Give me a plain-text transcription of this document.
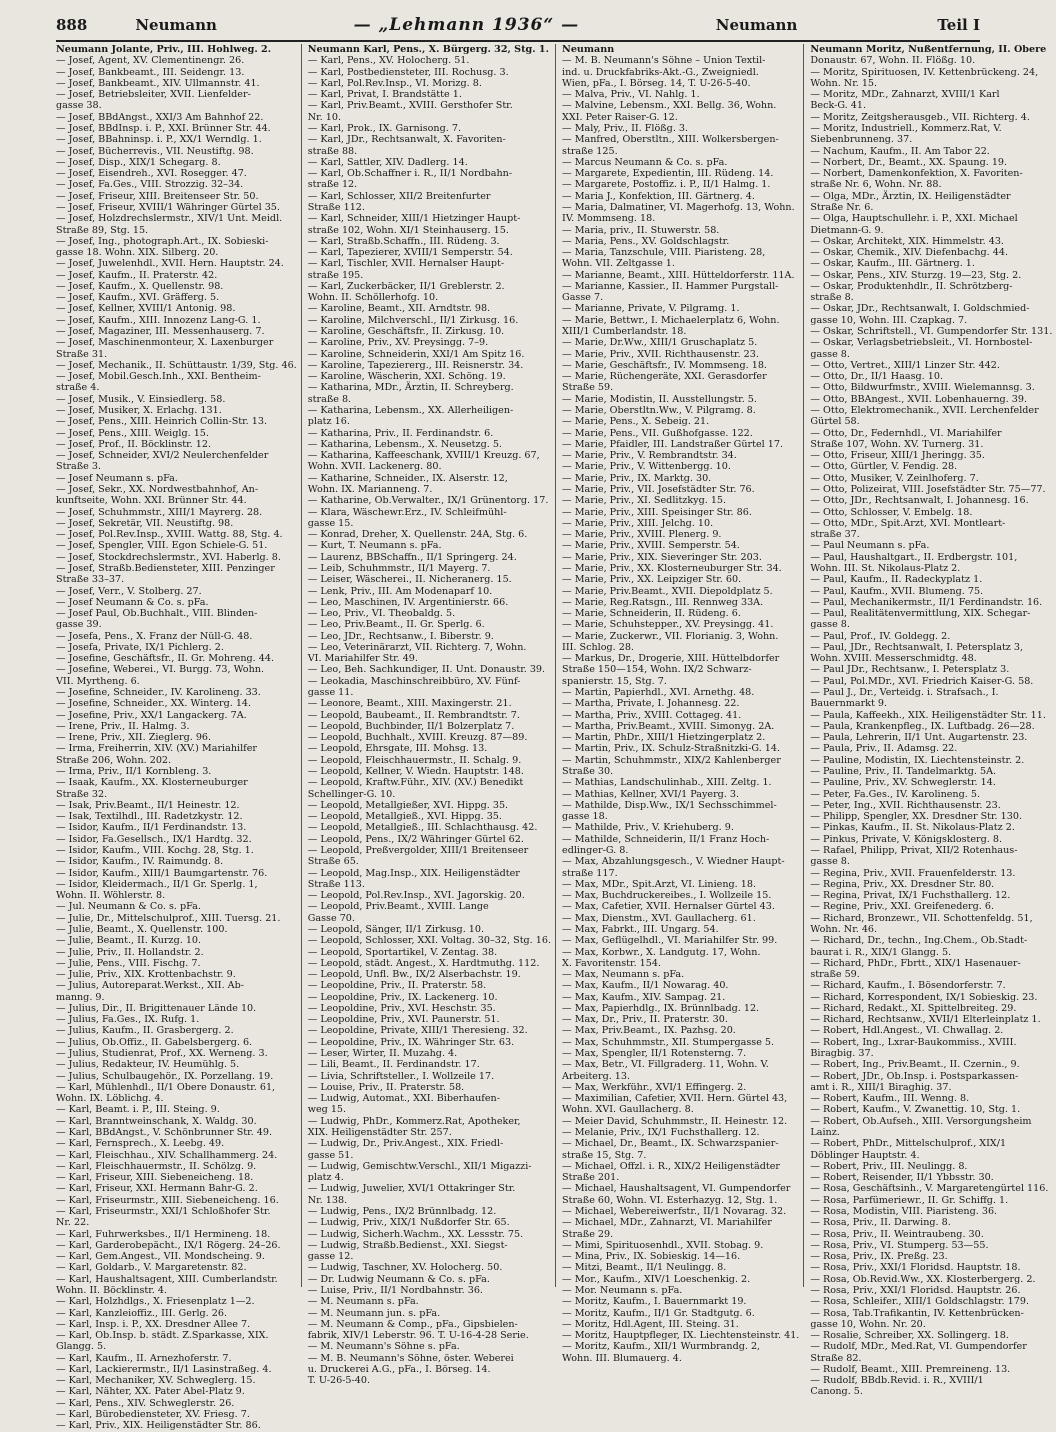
888	Neumann	— „Lehmann 1936“ —	Neumann	Teil I
Neumann Jolante, Priv., III. Hohlweg. 2.
— Josef, Agent, XV. Clementinengr. 26.
— Josef, Bankbeamt., III. Seidengr. 13.
— Josef, Bankbeamt., XIV. Ullmannstr. 41.
— Josef, Betriebsleiter, XVII. Lienfelder-
gasse 38.
— Josef, BBdAngst., XXI/3 Am Bahnhof 22.
— Josef, BBdInsp. i. P., XXI. Brünner Str. 44.
— Josef, BBahninsp. i. P., XX/1 Werndlg. 1.
— Josef, Bücherrevis., VII. Neustiftg. 98.
— Josef, Disp., XIX/1 Schegarg. 8.
— Josef, Eisendreh., XVI. Rosegger. 47.
— Josef, Fa.Ges., VIII. Strozzig. 32–34.
— Josef, Friseur, XIII. Breitenseer Str. 50.
— Josef, Friseur, XVIII/1 Währinger Gürtel 35.
— Josef, Holzdrechslermstr., XIV/1 Unt. Meidl.
Straße 89, Stg. 15.
— Josef, Ing., photograph.Art., IX. Sobieski-
gasse 18. Wohn. XIX. Silberg. 20.
— Josef, Juwelenhdl., XVII. Hern. Hauptstr. 24.
— Josef, Kaufm., II. Praterstr. 42.
— Josef, Kaufm., X. Quellenstr. 98.
— Josef, Kaufm., XVI. Gräfferg. 5.
— Josef, Kellner, XVIII/1 Antonig. 98.
— Josef, Kaufm., XIII. Innozenz Lang-G. 1.
— Josef, Magaziner, III. Messenhauserg. 7.
— Josef, Maschinenmonteur, X. Laxenburger
Straße 31.
— Josef, Mechanik., II. Schüttaustr. 1/39, Stg. 46.
— Josef, Mobil.Gesch.Inh., XXI. Bentheim-
straße 4.
— Josef, Musik., V. Einsiedlerg. 58.
— Josef, Musiker, X. Erlachg. 131.
— Josef, Pens., XIII. Heinrich Collin-Str. 13.
— Josef, Pens., XIII. Weiglg. 15.
— Josef, Prof., II. Böcklinstr. 12.
— Josef, Schneider, XVI/2 Neulerchenfelder
Straße 3.
— Josef Neumann s. pFa.
— Josef, Sekr., XX. Nordwestbahnhof, An-
kunftseite, Wohn. XXI. Brünner Str. 44.
— Josef, Schuhmmstr., XIII/1 Mayrerg. 28.
— Josef, Sekretär, VII. Neustiftg. 98.
— Josef, Pol.Rev.Insp., XVIII. Wattg. 88, Stg. 4.
— Josef, Spengler, VIII. Egon Schiele-G. 51.
— Josef, Stockdrechslermstr., XVI. Haberlg. 8.
— Josef, Straßb.Bediensteter, XIII. Penzinger
Straße 33–37.
— Josef, Verr., V. Stolberg. 27.
— Josef Neumann & Co. s. pFa.
— Josef Paul, Ob.Buchhalt., VIII. Blinden-
gasse 39.
— Josefa, Pens., X. Franz der Nüll-G. 48.
— Josefa, Private, IX/1 Pichlerg. 2.
— Josefine, Geschäftsfr., II. Gr. Mohreng. 44.
— Josefine, Weberei., VI. Burgg. 73, Wohn.
VII. Myrtheng. 6.
— Josefine, Schneider., IV. Karolineng. 33.
— Josefine, Schneider., XX. Winterg. 14.
— Josefine, Priv., XX/1 Langackerg. 7A.
— Irene, Priv., II. Halmg. 3.
— Irene, Priv., XII. Zieglerg. 96.
— Irma, Freiherrin, XIV. (XV.) Mariahilfer
Straße 206, Wohn. 202.
— Irma, Priv., II/1 Kornbleng. 3.
— Isaak, Kaufm., XX. Klosterneuburger
Straße 32.
— Isak, Priv.Beamt., II/1 Heinestr. 12.
— Isak, Textilhdl., III. Radetzkystr. 12.
— Isidor, Kaufm., II/1 Ferdinandstr. 13.
— Isidor, Fa.Gesellsch., IX/1 Hardtg. 32.
— Isidor, Kaufm., VIII. Kochg. 28, Stg. 1.
— Isidor, Kaufm., IV. Raimundg. 8.
— Isidor, Kaufm., XIII/1 Baumgartenstr. 76.
— Isidor, Kleidermach., II/1 Gr. Sperlg. 1,
Wohn. II. Wöhlerstr. 8.
— Jul. Neumann & Co. s. pFa.
— Julie, Dr., Mittelschulprof., XIII. Tuersg. 21.
— Julie, Beamt., X. Quellenstr. 100.
— Julie, Beamt., II. Kurzg. 10.
— Julie, Priv., II. Hollandstr. 2.
— Julie, Pens., VIII. Fischg. 7.
— Julie, Priv., XIX. Krottenbachstr. 9.
— Julius, Autoreparat.Werkst., XII. Ab-
manng. 9.
— Julius, Dir., II. Brigittenauer Lände 10.
— Julius, Fa.Ges., IX. Rufg. 1.
— Julius, Kaufm., II. Grasbergerg. 2.
— Julius, Ob.Offiz., II. Gabelsbergerg. 6.
— Julius, Studienrat, Prof., XX. Werneng. 3.
— Julius, Redakteur, IV. Heumühlg. 5.
— Julius, Schulbaugehör., IX. Porzellang. 19.
— Karl, Mühlenhdl., II/1 Obere Donaustr. 61,
Wohn. IX. Löblichg. 4.
— Karl, Beamt. i. P., III. Steing. 9.
— Karl, Branntweinschank, X. Waldg. 30.
— Karl, BBdAngst., V. Schönbrunner Str. 49.
— Karl, Fernsprech., X. Leebg. 49.
— Karl, Fleischhau., XIV. Schallhammerg. 24.
— Karl, Fleischhauermstr., II. Schölzg. 9.
— Karl, Friseur, XIII. Siebeneicheng. 18.
— Karl, Friseur, XXI. Hermann Bahr-G. 2.
— Karl, Friseurmstr., XIII. Siebeneicheng. 16.
— Karl, Friseurmstr., XXI/1 Schloßhofer Str.
Nr. 22.
— Karl, Fuhrwerksbes., II/1 Hermineng. 18.
— Karl, Garderobepächt., IX/1 Rögerg. 24–26.
— Karl, Gem.Angest., VII. Mondscheing. 9.
— Karl, Goldarb., V. Margaretenstr. 82.
— Karl, Haushaltsagent, XIII. Cumberlandstr.
Wohn. II. Böcklinstr. 4.
— Karl, Holzhdlgs., X. Friesenplatz 1—2.
— Karl, Kanzleioffiz., III. Gerlg. 26.
— Karl, Insp. i. P., XX. Dresdner Allee 7.
— Karl, Ob.Insp. b. städt. Z.Sparkasse, XIX.
Glangg. 5.
— Karl, Kaufm., II. Arnezhoferstr. 7.
— Karl, Lackierermstr., II/1 Lasinstraßeg. 4.
— Karl, Mechaniker, XV. Schweglerg. 15.
— Karl, Nähter, XX. Pater Abel-Platz 9.
— Karl, Pens., XIV. Schweglerstr. 26.
— Karl, Bürobediensteter, XV. Friesg. 7.
— Karl, Priv., XIX. Heiligenstädter Str. 86.
Neumann Karl, Pens., X. Bürgerg. 32, Stg. 1.
— Karl, Pens., XV. Holocherg. 51.
— Karl, Postbediensteter, III. Rochusg. 3.
— Karl, Pol.Rev.Insp., VI. Morizg. 8.
— Karl, Privat, I. Brandstätte 1.
— Karl, Priv.Beamt., XVIII. Gersthofer Str.
Nr. 10.
— Karl, Prok., IX. Garnisong. 7.
— Karl, JDr., Rechtsanwalt, X. Favoriten-
straße 88.
— Karl, Sattler, XIV. Dadlerg. 14.
— Karl, Ob.Schaffner i. R., II/1 Nordbahn-
straße 12.
— Karl, Schlosser, XII/2 Breitenfurter
Straße 112.
— Karl, Schneider, XIII/1 Hietzinger Haupt-
straße 102, Wohn. XI/1 Steinhauserg. 15.
— Karl, Straßb.Schaffn., III. Rüdeng. 3.
— Karl, Tapezierer, XVIII/1 Semperstr. 54.
— Karl, Tischler, XVII. Hernalser Haupt-
straße 195.
— Karl, Zuckerbäcker, II/1 Greblerstr. 2.
Wohn. II. Schöllerhofg. 10.
— Karoline, Beamt., XII. Arndtstr. 98.
— Karoline, Milchverschl., II/1 Zirkusg. 16.
— Karoline, Geschäftsfr., II. Zirkusg. 10.
— Karoline, Priv., XV. Preysingg. 7–9.
— Karoline, Schneiderin, XXI/1 Am Spitz 16.
— Karoline, Tapeziererg., III. Reisnerstr. 34.
— Karoline, Wäscherin, XXI. Schöng. 19.
— Katharina, MDr., Ärztin, II. Schreyberg.
straße 8.
— Katharina, Lebensm., XX. Allerheiligen-
platz 16.
— Katharina, Priv., II. Ferdinandstr. 6.
— Katharina, Lebensm., X. Neusetzg. 5.
— Katharina, Kaffeeschank, XVIII/1 Kreuzg. 67,
Wohn. XVII. Lackenerg. 80.
— Katharine, Schneider., IX. Alserstr. 12,
Wohn. IX. Marianneng. 7.
— Katharine, Ob.Verwalter., IX/1 Grünentorg. 17.
— Klara, Wäschewr.Erz., IV. Schleifmühl-
gasse 15.
— Konrad, Dreher, X. Quellenstr. 24A, Stg. 6.
— Kurt, T. Neumann s. pFa.
— Laurenz, BBSchaffn., II/1 Springerg. 24.
— Leib, Schuhmmstr., II/1 Mayerg. 7.
— Leiser, Wäscherei., II. Nicheranerg. 15.
— Lenk, Priv., III. Am Modenaparf 10.
— Leo, Maschinen, IV. Argentinierstr. 66.
— Leo, Priv., VI. Theobaldg. 5.
— Leo, Priv.Beamt., II. Gr. Sperlg. 6.
— Leo, JDr., Rechtsanw., I. Biberstr. 9.
— Leo, Veterinärarzt, VII. Richterg. 7, Wohn.
VI. Mariahilfer Str. 49.
— Leo, Beh. Sachkundiger, II. Unt. Donaustr. 39.
— Leokadia, Maschinschreibbüro, XV. Fünf-
gasse 11.
— Leonore, Beamt., XIII. Maxingerstr. 21.
— Leopold, Baubeamt., II. Rembrandtstr. 7.
— Leopold, Buchbinder, II/1 Bolzerplatz 7.
— Leopold, Buchhalt., XVIII. Kreuzg. 87—89.
— Leopold, Ehrsgate, III. Mohsg. 13.
— Leopold, Fleischhauermstr., II. Schalg. 9.
— Leopold, Kellner, V. Wiedn. Hauptstr. 148.
— Leopold, Kraftw.Führ., XIV. (XV.) Benedikt
Schellinger-G. 10.
— Leopold, Metallgießer, XVI. Hippg. 35.
— Leopold, Metallgieß., XVI. Hippg. 35.
— Leopold, Metallgieß., III. Schlachthausg. 42.
— Leopold, Pens., IX/2 Währinger Gürtel 62.
— Leopold, Preßvergolder, XIII/1 Breitenseer
Straße 65.
— Leopold, Mag.Insp., XIX. Heiligenstädter
Straße 113.
— Leopold, Pol.Rev.Insp., XVI. Jagorskig. 20.
— Leopold, Priv.Beamt., XVIII. Lange
Gasse 70.
— Leopold, Sänger, II/1 Zirkusg. 10.
— Leopold, Schlosser, XXI. Voltag. 30–32, Stg. 16.
— Leopold, Sportartikel, V. Zentag. 38.
— Leopold, städt. Angest., X. Hardtmuthg. 112.
— Leopold, Unfl. Bw., IX/2 Alserbachstr. 19.
— Leopoldine, Priv., II. Praterstr. 58.
— Leopoldine, Priv., IX. Lackenerg. 10.
— Leopoldine, Priv., XVI. Heschstr. 35.
— Leopoldine, Priv., XVI. Paunerstr. 51.
— Leopoldine, Private, XIII/1 Theresieng. 32.
— Leopoldine, Priv., IX. Währinger Str. 63.
— Leser, Wirter, II. Muzahg. 4.
— Lili, Beamt., II. Ferdinandstr. 17.
— Livia, Schriftsteller., I. Wollzeile 17.
— Louise, Priv., II. Praterstr. 58.
— Ludwig, Automat., XXI. Biberhaufen-
weg 15.
— Ludwig, PhDr., Kommerz.Rat, Apotheker,
XIX. Heiligenstädter Str. 257.
— Ludwig, Dr., Priv.Angest., XIX. Friedl-
gasse 51.
— Ludwig, Gemischtw.Verschl., XII/1 Migazzi-
platz 4.
— Ludwig, Juwelier, XVI/1 Ottakringer Str.
Nr. 138.
— Ludwig, Pens., IX/2 Brünnlbadg. 12.
— Ludwig, Priv., XIX/1 Nußdorfer Str. 65.
— Ludwig, Sicherh.Wachm., XX. Lessstr. 75.
— Ludwig, Straßb.Bedienst., XXI. Siegst-
gasse 12.
— Ludwig, Taschner, XV. Holocherg. 50.
— Dr. Ludwig Neumann & Co. s. pFa.
— Luise, Priv., II/1 Nordbahnstr. 36.
— M. Neumann s. pFa.
— M. Neumann jun. s. pFa.
— M. Neumann & Comp., pFa., Gipsbielen-
fabrik, XIV/1 Leberstr. 96. T. U-16-4-28 Serie.
— M. Neumann's Söhne s. pFa.
— M. B. Neumann's Söhne, öster. Weberei
u. Druckerei A.G., pFa., I. Börseg. 14.
T. U-26-5-40.
Neumann
— M. B. Neumann's Söhne – Union Textil-
ind. u. Druckfabriks-Akt.-G., Zweigniedl.
Wien, pFa., I. Börseg. 14, T. U-26-5-40.
— Malva, Priv., VI. Nahlg. 1.
— Malvine, Lebensm., XXI. Bellg. 36, Wohn.
XXI. Peter Raiser-G. 12.
— Maly, Priv., II. Flößg. 3.
— Manfred, Oberstltn., XIII. Wolkersbergen-
straße 125.
— Marcus Neumann & Co. s. pFa.
— Margarete, Expedientin, III. Rüdeng. 14.
— Margarete, Postoffiz. i. P., II/1 Halmg. 1.
— Maria J., Konfektion, III. Gärtnerg. 4.
— Maria, Dalmatiner, VI. Magerhofg. 13, Wohn.
IV. Mommseng. 18.
— Maria, priv., II. Stuwerstr. 58.
— Maria, Pens., XV. Goldschlagstr.
— Maria, Tanzschule, VIII. Piaristeng. 28,
Wohn. VII. Zeltgasse 1.
— Marianne, Beamt., XIII. Hütteldorferstr. 11A.
— Marianne, Kassier., II. Hammer Purgstall-
Gasse 7.
— Marianne, Private, V. Pilgramg. 1.
— Marie, Bettwr., I. Michaelerplatz 6, Wohn.
XIII/1 Cumberlandstr. 18.
— Marie, Dr.Ww., XIII/1 Gruschaplatz 5.
— Marie, Priv., XVII. Richthausenstr. 23.
— Marie, Geschäftsfr., IV. Mommseng. 18.
— Marie, Rüchengeräte, XXI. Gerasdorfer
Straße 59.
— Marie, Modistin, II. Ausstellungstr. 5.
— Marie, Oberstltn.Ww., V. Pilgramg. 8.
— Marie, Pens., X. Sebeig. 21.
— Marie, Pens., VII. Gußhofgasse. 122.
— Marie, Pfaidler, III. Landstraßer Gürtel 17.
— Marie, Priv., V. Rembrandtstr. 34.
— Marie, Priv., V. Wittenbergg. 10.
— Marie, Priv., IX. Marktg. 30.
— Marie, Priv., VII. Josefstädter Str. 76.
— Marie, Priv., XI. Sedlitzkyg. 15.
— Marie, Priv., XIII. Speisinger Str. 86.
— Marie, Priv., XIII. Jelchg. 10.
— Marie, Priv., XVIII. Plenerg. 9.
— Marie, Priv., XVIII. Semperstr. 54.
— Marie, Priv., XIX. Sieveringer Str. 203.
— Marie, Priv., XX. Klosterneuburger Str. 34.
— Marie, Priv., XX. Leipziger Str. 60.
— Marie, Priv.Beamt., XVII. Diepoldplatz 5.
— Marie, Reg.Ratsgn., III. Rennweg 33A.
— Marie, Schneiderin, II. Rüdeng. 6.
— Marie, Schuhstepper., XV. Preysingg. 41.
— Marie, Zuckerwr., VII. Florianig. 3, Wohn.
III. Schlog. 28.
— Markus, Dr., Drogerie, XIII. Hüttelbdorfer
Straße 150—154, Wohn. IX/2 Schwarz-
spanierstr. 15, Stg. 7.
— Martin, Papierhdl., XVI. Arnethg. 48.
— Martha, Private, I. Johannesg. 22.
— Martha, Priv., XVIII. Cottageg. 41.
— Martha, Priv.Beamt., XVIII. Simonyg. 2A.
— Martin, PhDr., XIII/1 Hietzingerplatz 2.
— Martin, Priv., IX. Schulz-Straßnitzki-G. 14.
— Martin, Schuhmmstr., XIX/2 Kahlenberger
Straße 30.
— Mathias, Landschulinhab., XIII. Zeltg. 1.
— Mathias, Kellner, XVI/1 Payerg. 3.
— Mathilde, Disp.Ww., IX/1 Sechsschimmel-
gasse 18.
— Mathilde, Priv., V. Kriehuberg. 9.
— Mathilde, Schneiderin, II/1 Franz Hoch-
edlinger-G. 8.
— Max, Abzahlungsgesch., V. Wiedner Haupt-
straße 117.
— Max, MDr., Spit.Arzt, VI. Linieng. 18.
— Max, Buchdruckereibes., I. Wollzeile 15.
— Max, Cafetier, XVII. Hernalser Gürtel 43.
— Max, Dienstm., XVI. Gaullacherg. 61.
— Max, Fabrkt., III. Ungarg. 54.
— Max, Geflügelhdl., VI. Mariahilfer Str. 99.
— Max, Korbwr., X. Landgutg. 17, Wohn.
X. Favoritenstr. 154.
— Max, Neumann s. pFa.
— Max, Kaufm., II/1 Nowarag. 40.
— Max, Kaufm., XIV. Sampag. 21.
— Max, Papierhdlg., IX. Brünnlbadg. 12.
— Max, Dr., Priv., II. Praterstr. 30.
— Max, Priv.Beamt., IX. Pazhsg. 20.
— Max, Schuhmmstr., XII. Stumpergasse 5.
— Max, Spengler, II/1 Rotensterng. 7.
— Max, Betr., VI. Fillgraderg. 11, Wohn. V.
Arbeiterg. 13.
— Max, Werkführ., XVI/1 Effingerg. 2.
— Maximilian, Cafetier, XVII. Hern. Gürtel 43,
Wohn. XVI. Gaullacherg. 8.
— Meier David, Schuhmmstr., II. Heinestr. 12.
— Melanie, Priv., IX/1 Fuchsthallerg. 12.
— Michael, Dr., Beamt., IX. Schwarzspanier-
straße 15, Stg. 7.
— Michael, Offzl. i. R., XIX/2 Heiligenstädter
Straße 201.
— Michael, Haushaltsagent, VI. Gumpendorfer
Straße 60, Wohn. VI. Esterhazyg. 12, Stg. 1.
— Michael, Webereiwerfstr., II/1 Novarag. 32.
— Michael, MDr., Zahnarzt, VI. Mariahilfer
Straße 29.
— Mimi, Spirituosenhdl., XVII. Stobag. 9.
— Mina, Priv., IX. Sobieskig. 14—16.
— Mitzi, Beamt., II/1 Neulingg. 8.
— Mor., Kaufm., XIV/1 Loeschenkig. 2.
— Mor. Neumann s. pFa.
— Moritz, Kaufm., I. Bauernmarkt 19.
— Moritz, Kaufm., II/1 Gr. Stadtgutg. 6.
— Moritz, Hdl.Agent, III. Steing. 31.
— Moritz, Hauptpfleger, IX. Liechtensteinstr. 41.
— Moritz, Kaufm., XII/1 Wurmbrandg. 2,
Wohn. III. Blumauerg. 4.
Neumann Moritz, Nußentfernung, II. Obere
Donaustr. 67, Wohn. II. Flößg. 10.
— Moritz, Spirituosen, IV. Kettenbrückeng. 24,
Wohn. Nr. 15.
— Moritz, MDr., Zahnarzt, XVIII/1 Karl
Beck-G. 41.
— Moritz, Zeitgsherausgeb., VII. Richterg. 4.
— Moritz, Industriell., Kommerz.Rat, V.
Siebenbrunneng. 37.
— Nachum, Kaufm., II. Am Tabor 22.
— Norbert, Dr., Beamt., XX. Spaung. 19.
— Norbert, Damenkonfektion, X. Favoriten-
straße Nr. 6, Wohn. Nr. 88.
— Olga, MDr., Ärztin, IX. Heiligenstädter
Straße Nr. 6.
— Olga, Hauptschullehr. i. P., XXI. Michael
Dietmann-G. 9.
— Oskar, Architekt, XIX. Himmelstr. 43.
— Oskar, Chemik., XIV. Diefenbachg. 44.
— Oskar, Kaufm., III. Gärtnerg. 1.
— Oskar, Pens., XIV. Sturzg. 19—23, Stg. 2.
— Oskar, Produktenhdlr., II. Schrötzberg-
straße 8.
— Oskar, JDr., Rechtsanwalt, I. Goldschmied-
gasse 10, Wohn. III. Czapkag. 7.
— Oskar, Schriftstell., VI. Gumpendorfer Str. 131.
— Oskar, Verlagsbetriebsleit., VI. Hornbostel-
gasse 8.
— Otto, Vertret., XIII/1 Linzer Str. 442.
— Otto, Dr., II/1 Haasg. 10.
— Otto, Bildwurfmstr., XVIII. Wielemannsg. 3.
— Otto, BBAngest., XVII. Lobenhauerng. 39.
— Otto, Elektromechanik., XVII. Lerchenfelder
Gürtel 58.
— Otto, Dr., Federnhdl., VI. Mariahilfer
Straße 107, Wohn. XV. Turnerg. 31.
— Otto, Friseur, XIII/1 Jheringg. 35.
— Otto, Gürtler, V. Fendig. 28.
— Otto, Musiker, V. Zeinlhoferg. 7.
— Otto, Polizeirat, VIII. Josefstädter Str. 75—77.
— Otto, JDr., Rechtsanwalt, I. Johannesg. 16.
— Otto, Schlosser, V. Embelg. 18.
— Otto, MDr., Spit.Arzt, XVI. Montleart-
straße 37.
— Paul Neumann s. pFa.
— Paul, Haushaltgart., II. Erdbergstr. 101,
Wohn. III. St. Nikolaus-Platz 2.
— Paul, Kaufm., II. Radeckyplatz 1.
— Paul, Kaufm., XVII. Blumeng. 75.
— Paul, Mechanikermstr., II/1 Ferdinandstr. 16.
— Paul, Realitätenvermittlung, XIX. Schegar-
gasse 8.
— Paul, Prof., IV. Goldegg. 2.
— Paul, JDr., Rechtsanwalt, I. Petersplatz 3,
Wohn. XVIII. Messerschmidtg. 48.
— Paul JDr., Rechtsanw., I. Petersplatz 3.
— Paul, Pol.MDr., XVI. Friedrich Kaiser-G. 58.
— Paul J., Dr., Verteidg. i. Strafsach., I.
Bauernmarkt 9.
— Paula, Kaffeekh., XIX. Heiligenstädter Str. 11.
— Paula, Krankenpfleg., IX. Luftbadg. 26—28.
— Paula, Lehrerin, II/1 Unt. Augartenstr. 23.
— Paula, Priv., II. Adamsg. 22.
— Pauline, Modistin, IX. Liechtensteinstr. 2.
— Pauline, Priv., II. Tandelmarktg. 5A.
— Pauline, Priv., XV. Schweglerstr. 14.
— Peter, Fa.Ges., IV. Karolineng. 5.
— Peter, Ing., XVII. Richthausenstr. 23.
— Philipp, Spengler, XX. Dresdner Str. 130.
— Pinkas, Kaufm., II. St. Nikolaus-Platz 2.
— Pinkus, Private, V. Königsklosterg. 8.
— Rafael, Philipp, Privat, XII/2 Rotenhaus-
gasse 8.
— Regina, Priv., XVII. Frauenfelderstr. 13.
— Regina, Priv., XX. Dresdner Str. 80.
— Regina, Privat, IX/1 Fuchsthallerg. 12.
— Regine, Priv., XXI. Greifenederg. 6.
— Richard, Bronzewr., VII. Schottenfeldg. 51,
Wohn. Nr. 46.
— Richard, Dr., techn., Ing.Chem., Ob.Stadt-
baurat i. R., XIX/1 Glangg. 5.
— Richard, PhDr., Fbrtt., XIX/1 Hasenauer-
straße 59.
— Richard, Kaufm., I. Bösendorferstr. 7.
— Richard, Korrespondent, IX/1 Sobieskig. 23.
— Richard, Redakt., XI. Spittelbreiteg. 29.
— Richard, Rechtsanw., XVII/1 Elterleinplatz 1.
— Robert, Hdl.Angest., VI. Chwallag. 2.
— Robert, Ing., Lxrar-Baukommiss., XVIII.
Biragbig. 37.
— Robert, Ing., Priv.Beamt., II. Czernin., 9.
— Robert, JDr., Ob.Insp. i. Postsparkassen-
amt i. R., XIII/1 Biraghig. 37.
— Robert, Kaufm., III. Wenng. 8.
— Robert, Kaufm., V. Zwanettig. 10, Stg. 1.
— Robert, Ob.Aufseh., XIII. Versorgungsheim
Lainz.
— Robert, PhDr., Mittelschulprof., XIX/1
Döblinger Hauptstr. 4.
— Robert, Priv., III. Neulingg. 8.
— Robert, Reisender, II/1 Ybbsstr. 30.
— Rosa, Geschäftsinh., V. Margaretengürtel 116.
— Rosa, Parfümeriewr., II. Gr. Schiffg. 1.
— Rosa, Modistin, VIII. Piaristeng. 36.
— Rosa, Priv., II. Darwing. 8.
— Rosa, Priv., II. Weintraubeng. 30.
— Rosa, Priv., VI. Stumperg. 53—55.
— Rosa, Priv., IX. Preßg. 23.
— Rosa, Priv., XXI/1 Floridsd. Hauptstr. 18.
— Rosa, Ob.Revid.Ww., XX. Klosterbergerg. 2.
— Rosa, Priv., XXI/1 Floridsd. Hauptstr. 26.
— Rosa, Schleifer., XIII/1 Goldschlagstr. 179.
— Rosa, Tab.Trafikantin, IV. Kettenbrücken-
gasse 10, Wohn. Nr. 20.
— Rosalie, Schreiber, XX. Sollingerg. 18.
— Rudolf, MDr., Med.Rat, VI. Gumpendorfer
Straße 82.
— Rudolf, Beamt., XIII. Premreineng. 13.
— Rudolf, BBdb.Revid. i. R., XVIII/1
Canong. 5.
